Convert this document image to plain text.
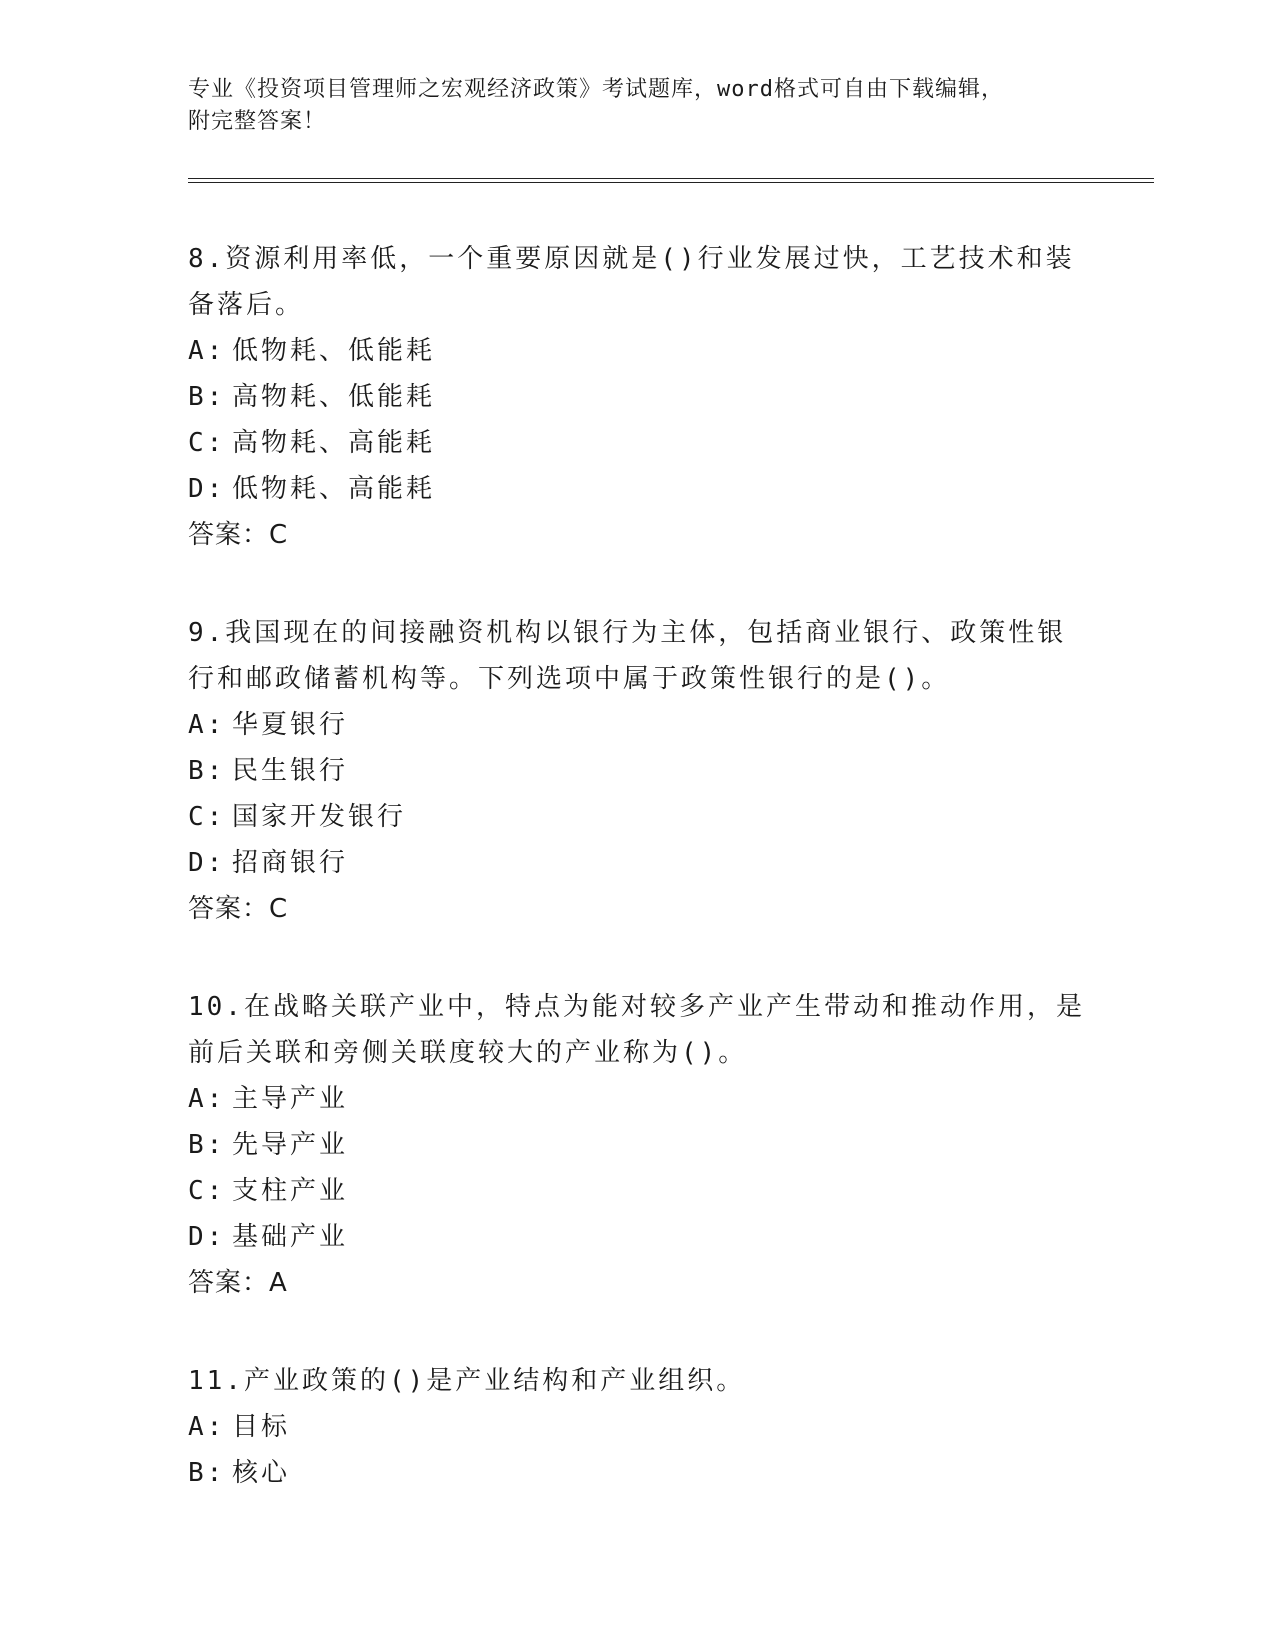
专业《投资项目管理师之宏观经济政策》考试题库，word格式可自由下载编辑，
附完整答案！

8.资源利用率低，一个重要原因就是()行业发展过快，工艺技术和装
备落后。

A: 低物耗、低能耗

B: 高物耗、低能耗

C: 高物耗、高能耗

D: 低物耗、高能耗

答案：C

9.我国现在的间接融资机构以银行为主体，包括商业银行、政策性银
行和邮政储蓄机构等。下列选项中属于政策性银行的是()。

A: 华夏银行

B: 民生银行

C: 国家开发银行

D: 招商银行

答案：C

10.在战略关联产业中，特点为能对较多产业产生带动和推动作用，是
前后关联和旁侧关联度较大的产业称为()。

A: 主导产业

B: 先导产业

C: 支柱产业

D: 基础产业

答案：A

11.产业政策的()是产业结构和产业组织。

A: 目标

B: 核心
